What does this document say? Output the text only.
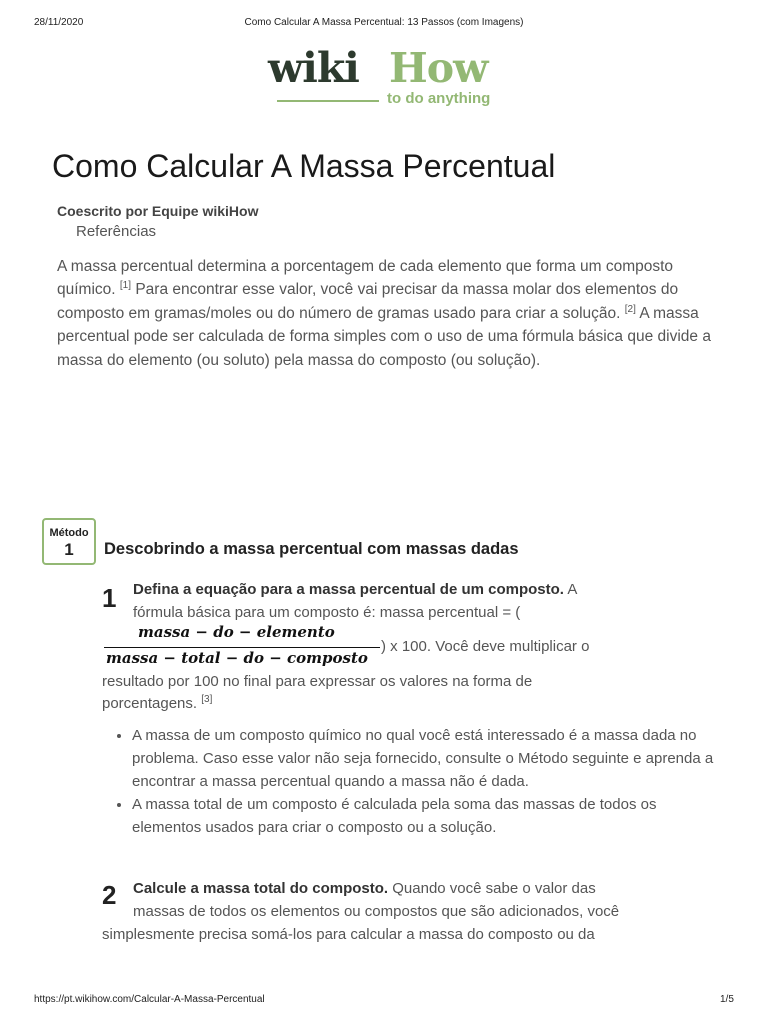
28/11/2020	Como Calcular A Massa Percentual: 13 Passos (com Imagens)
wiki How
to do anything
Como Calcular A Massa Percentual
Coescrito por Equipe wikiHow
Referências
A massa percentual determina a porcentagem de cada elemento que forma um composto químico. [1] Para encontrar esse valor, você vai precisar da massa molar dos elementos do composto em gramas/moles ou do número de gramas usado para criar a solução. [2] A massa percentual pode ser calculada de forma simples com o uso de uma fórmula básica que divide a massa do elemento (ou soluto) pela massa do composto (ou solução).
Método
1	Descobrindo a massa percentual com massas dadas
1 Defina a equação para a massa percentual de um composto. A
fórmula básica para um composto é: massa percentual = (
massa − do − elemento
massa − total − do − composto
) x 100. Você deve multiplicar o
resultado por 100 no final para expressar os valores na forma de
porcentagens. [3]
• A massa de um composto químico no qual você está interessado é a massa dada no problema. Caso esse valor não seja fornecido, consulte o Método seguinte e aprenda a encontrar a massa percentual quando a massa não é dada.
• A massa total de um composto é calculada pela soma das massas de todos os elementos usados para criar o composto ou a solução.
2 Calcule a massa total do composto. Quando você sabe o valor das
massas de todos os elementos ou compostos que são adicionados, você
simplesmente precisa somá-los para calcular a massa do composto ou da
https://pt.wikihow.com/Calcular-A-Massa-Percentual	1/5
